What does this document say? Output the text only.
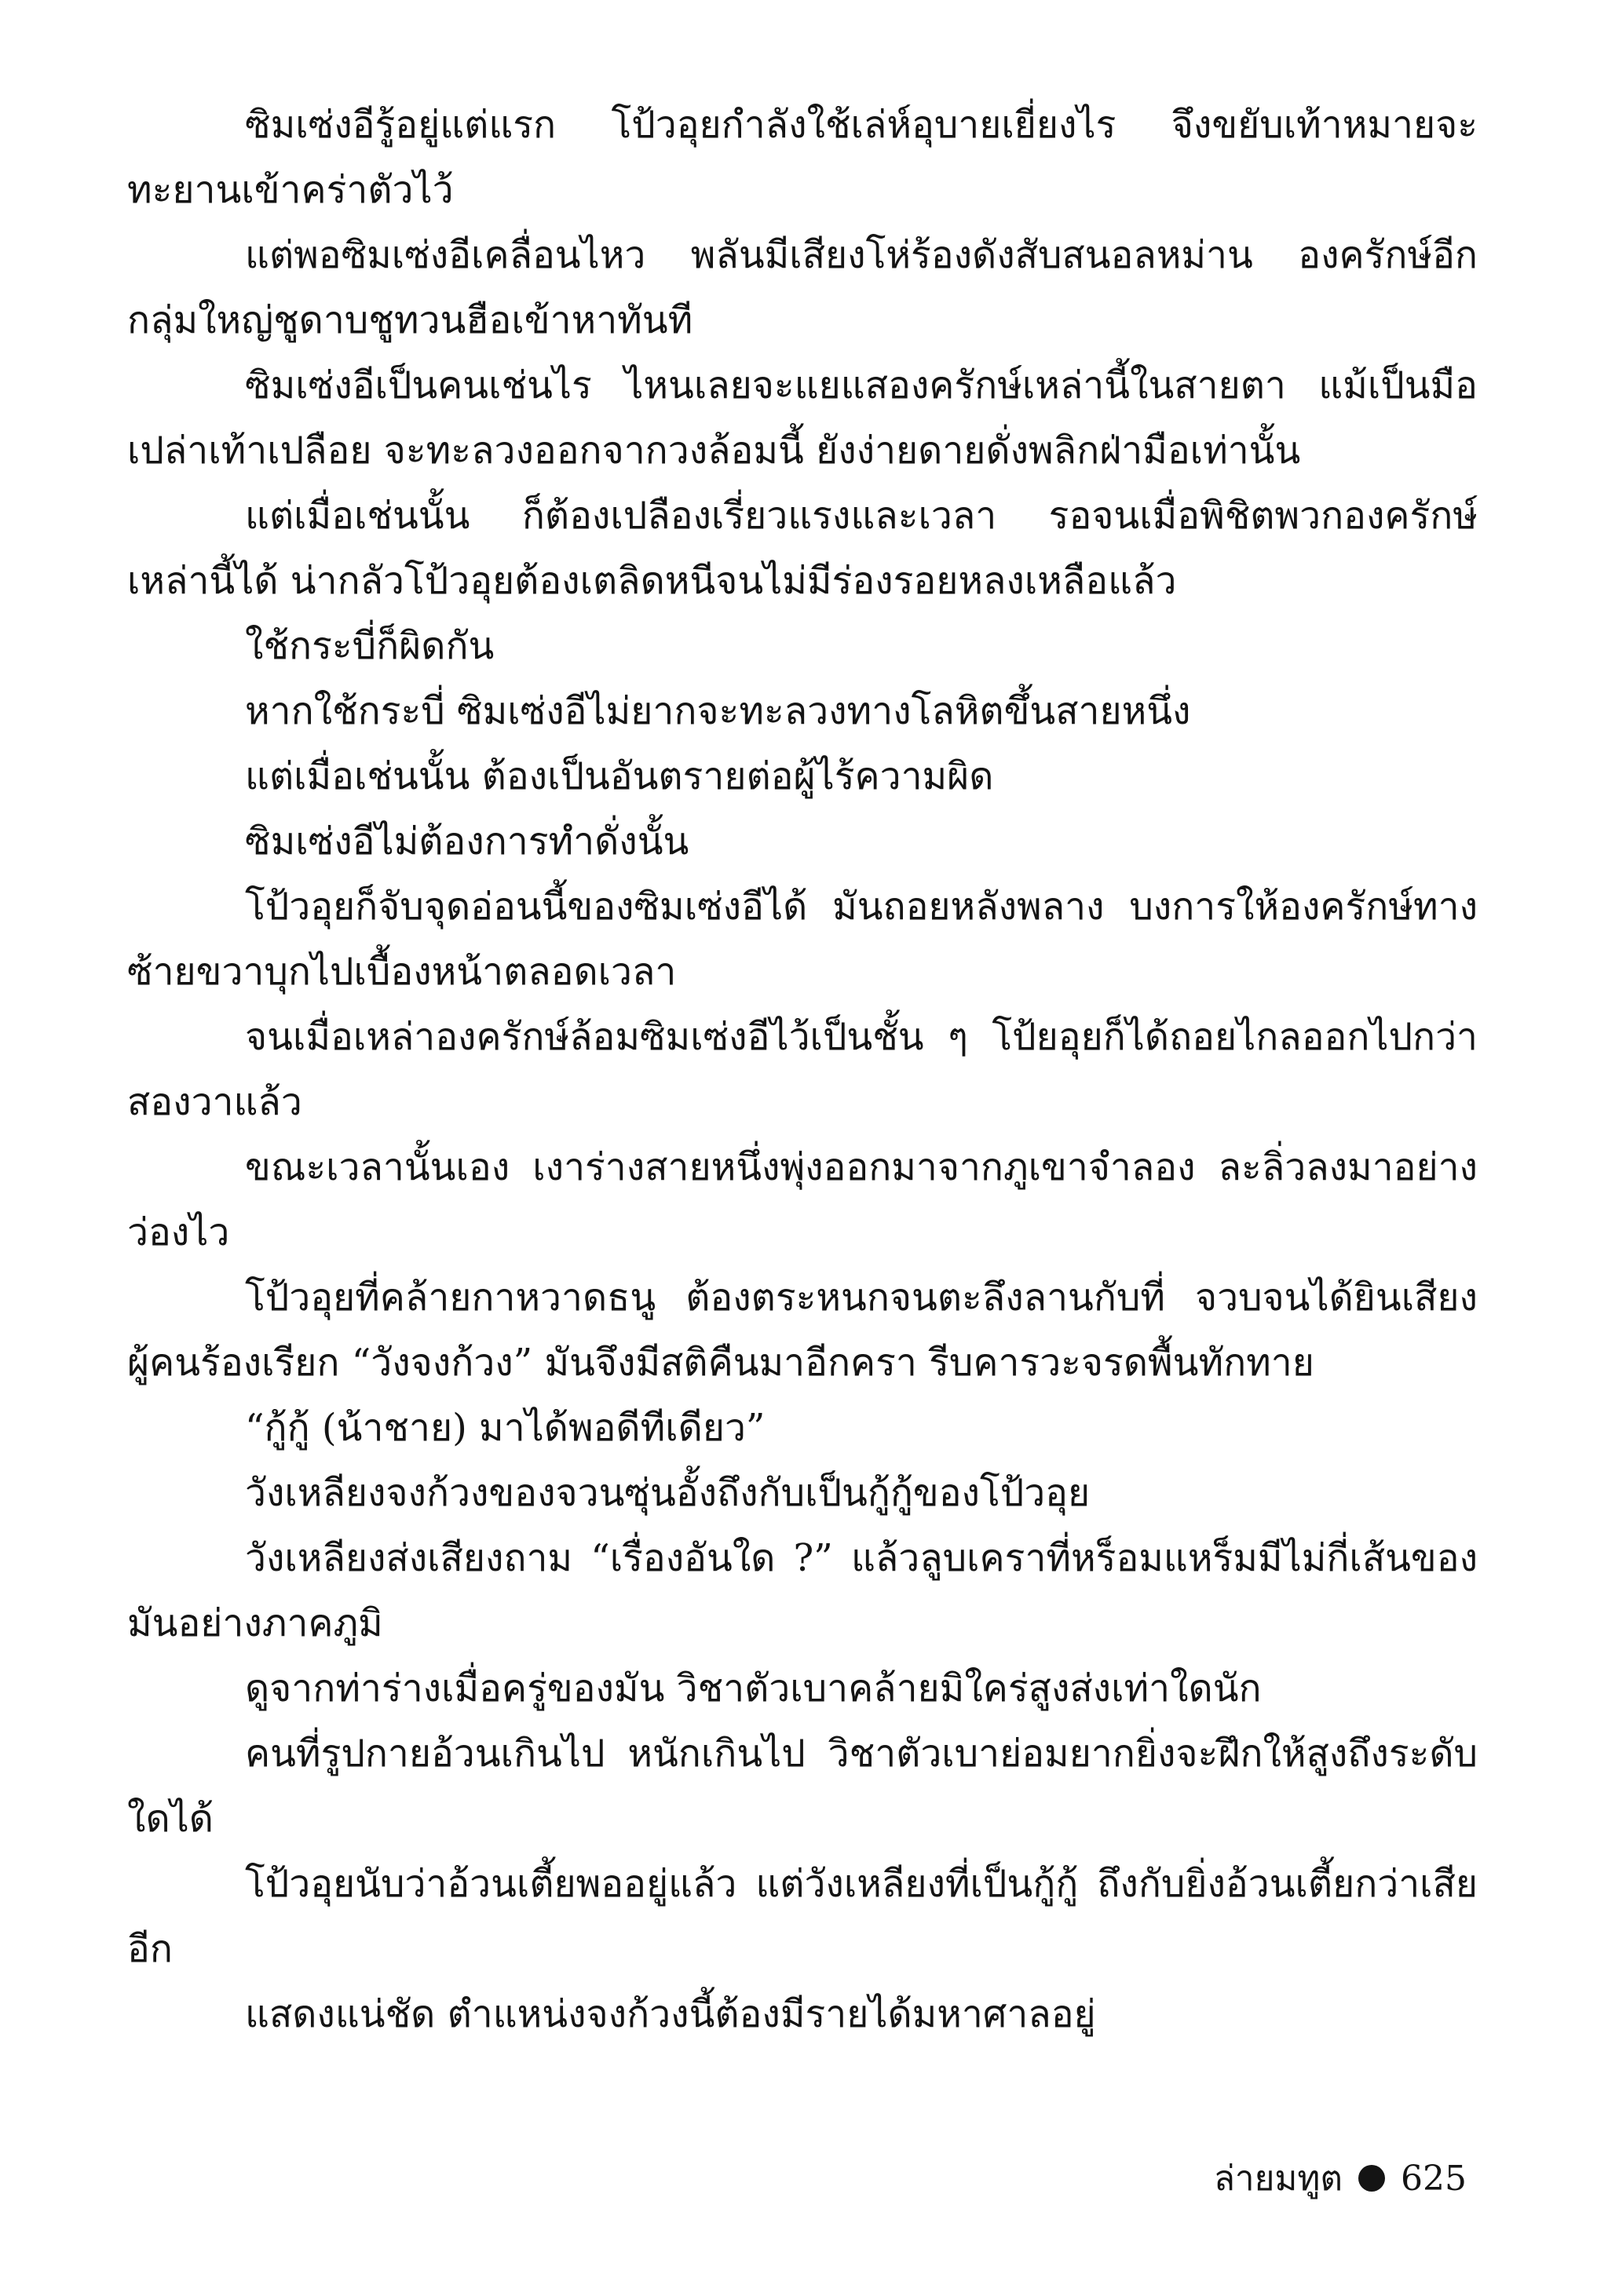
ซิมเซ่งอีรู้อยู่แต่แรก โป้วอุยกำลังใช้เล่ห์อุบายเยี่ยงไร จึงขยับเท้าหมายจะทะยานเข้าคร่าตัวไว้

แต่พอซิมเซ่งอีเคลื่อนไหว พลันมีเสียงโห่ร้องดังสับสนอลหม่าน องครักษ์อีกกลุ่มใหญ่ชูดาบชูทวนฮือเข้าหาทันที

ซิมเซ่งอีเป็นคนเช่นไร ไหนเลยจะแยแสองครักษ์เหล่านี้ในสายตา แม้เป็นมือเปล่าเท้าเปลือย จะทะลวงออกจากวงล้อมนี้ ยังง่ายดายดั่งพลิกฝ่ามือเท่านั้น

แต่เมื่อเช่นนั้น ก็ต้องเปลืองเรี่ยวแรงและเวลา รอจนเมื่อพิชิตพวกองครักษ์เหล่านี้ได้ น่ากลัวโป้วอุยต้องเตลิดหนีจนไม่มีร่องรอยหลงเหลือแล้ว

ใช้กระบี่ก็ผิดกัน

หากใช้กระบี่ ซิมเซ่งอีไม่ยากจะทะลวงทางโลหิตขึ้นสายหนึ่ง

แต่เมื่อเช่นนั้น ต้องเป็นอันตรายต่อผู้ไร้ความผิด

ซิมเซ่งอีไม่ต้องการทำดั่งนั้น

โป้วอุยก็จับจุดอ่อนนี้ของซิมเซ่งอีได้ มันถอยหลังพลาง บงการให้องครักษ์ทางซ้ายขวาบุกไปเบื้องหน้าตลอดเวลา

จนเมื่อเหล่าองครักษ์ล้อมซิมเซ่งอีไว้เป็นชั้น ๆ โป้ยอุยก็ได้ถอยไกลออกไปกว่าสองวาแล้ว

ขณะเวลานั้นเอง เงาร่างสายหนึ่งพุ่งออกมาจากภูเขาจำลอง ละลิ่วลงมาอย่างว่องไว

โป้วอุยที่คล้ายกาหวาดธนู ต้องตระหนกจนตะลึงลานกับที่ จวบจนได้ยินเสียงผู้คนร้องเรียก “วังจงก้วง” มันจึงมีสติคืนมาอีกครา รีบคารวะจรดพื้นทักทาย

“กู้กู้ (น้าชาย) มาได้พอดีทีเดียว”

วังเหลียงจงก้วงของจวนซุ่นอั้งถึงกับเป็นกู้กู้ของโป้วอุย

วังเหลียงส่งเสียงถาม “เรื่องอันใด ?” แล้วลูบเคราที่หร็อมแหร็มมีไม่กี่เส้นของมันอย่างภาคภูมิ

ดูจากท่าร่างเมื่อครู่ของมัน วิชาตัวเบาคล้ายมิใคร่สูงส่งเท่าใดนัก

คนที่รูปกายอ้วนเกินไป หนักเกินไป วิชาตัวเบาย่อมยากยิ่งจะฝึกให้สูงถึงระดับใดได้

โป้วอุยนับว่าอ้วนเตี้ยพออยู่แล้ว แต่วังเหลียงที่เป็นกู้กู้ ถึงกับยิ่งอ้วนเตี้ยกว่าเสียอีก

แสดงแน่ชัด ตำแหน่งจงก้วงนี้ต้องมีรายได้มหาศาลอยู่

ล่ายมทูต 625
